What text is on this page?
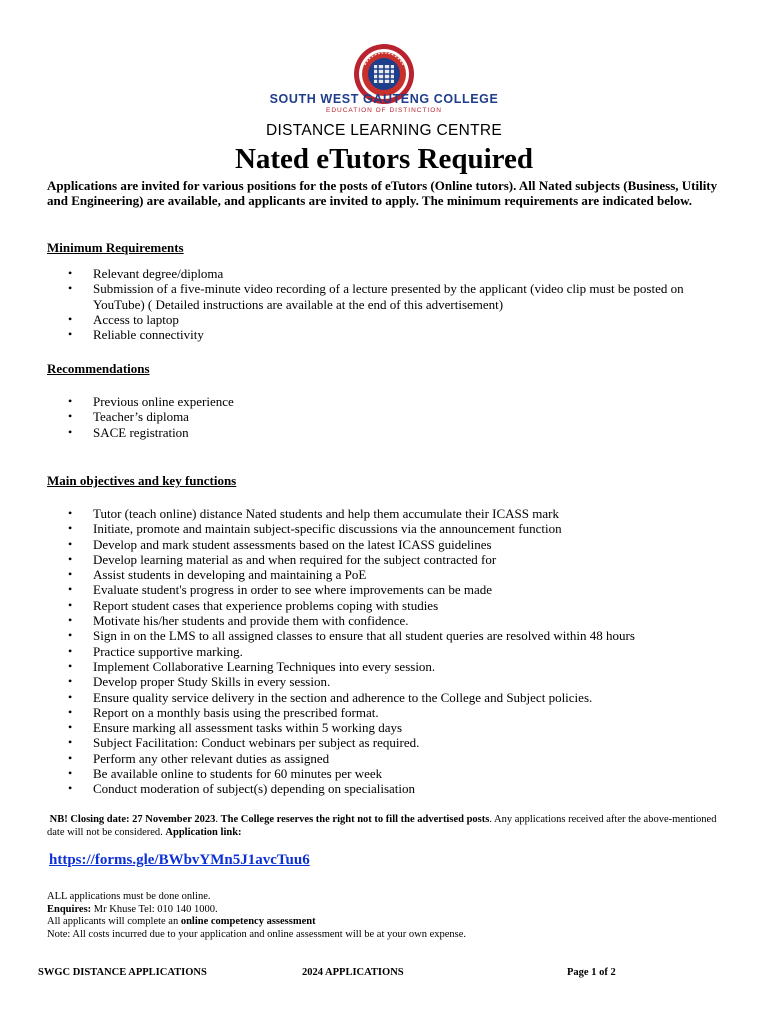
SOUTH WEST GAUTENG COLLEGE
EDUCATION OF DISTINCTION
DISTANCE LEARNING CENTRE
Nated eTutors Required
Applications are invited for various positions for the posts of eTutors (Online tutors). All Nated subjects (Business, Utility and Engineering) are available, and applicants are invited to apply. The minimum requirements are indicated below.
Minimum Requirements
• Relevant degree/diploma
• Submission of a five-minute video recording of a lecture presented by the applicant (video clip must be posted on YouTube) ( Detailed instructions are available at the end of this advertisement)
• Access to laptop
• Reliable connectivity
Recommendations
• Previous online experience
• Teacher’s diploma
• SACE registration
Main objectives and key functions
• Tutor (teach online) distance Nated students and help them accumulate their ICASS mark
• Initiate, promote and maintain subject-specific discussions via the announcement function
• Develop and mark student assessments based on the latest ICASS guidelines
• Develop learning material as and when required for the subject contracted for
• Assist students in developing and maintaining a PoE
• Evaluate student's progress in order to see where improvements can be made
• Report student cases that experience problems coping with studies
• Motivate his/her students and provide them with confidence.
• Sign in on the LMS to all assigned classes to ensure that all student queries are resolved within 48 hours
• Practice supportive marking.
• Implement Collaborative Learning Techniques into every session.
• Develop proper Study Skills in every session.
• Ensure quality service delivery in the section and adherence to the College and Subject policies.
• Report on a monthly basis using the prescribed format.
• Ensure marking all assessment tasks within 5 working days
• Subject Facilitation: Conduct webinars per subject as required.
• Perform any other relevant duties as assigned
• Be available online to students for 60 minutes per week
• Conduct moderation of subject(s) depending on specialisation
NB! Closing date: 27 November 2023. The College reserves the right not to fill the advertised posts. Any applications received after the above-mentioned date will not be considered. Application link:
https://forms.gle/BWbvYMn5J1avcTuu6
ALL applications must be done online.
Enquires: Mr Khuse Tel: 010 140 1000.
All applicants will complete an online competency assessment
Note: All costs incurred due to your application and online assessment will be at your own expense.
SWGC DISTANCE APPLICATIONS	2024 APPLICATIONS	Page 1 of 2
